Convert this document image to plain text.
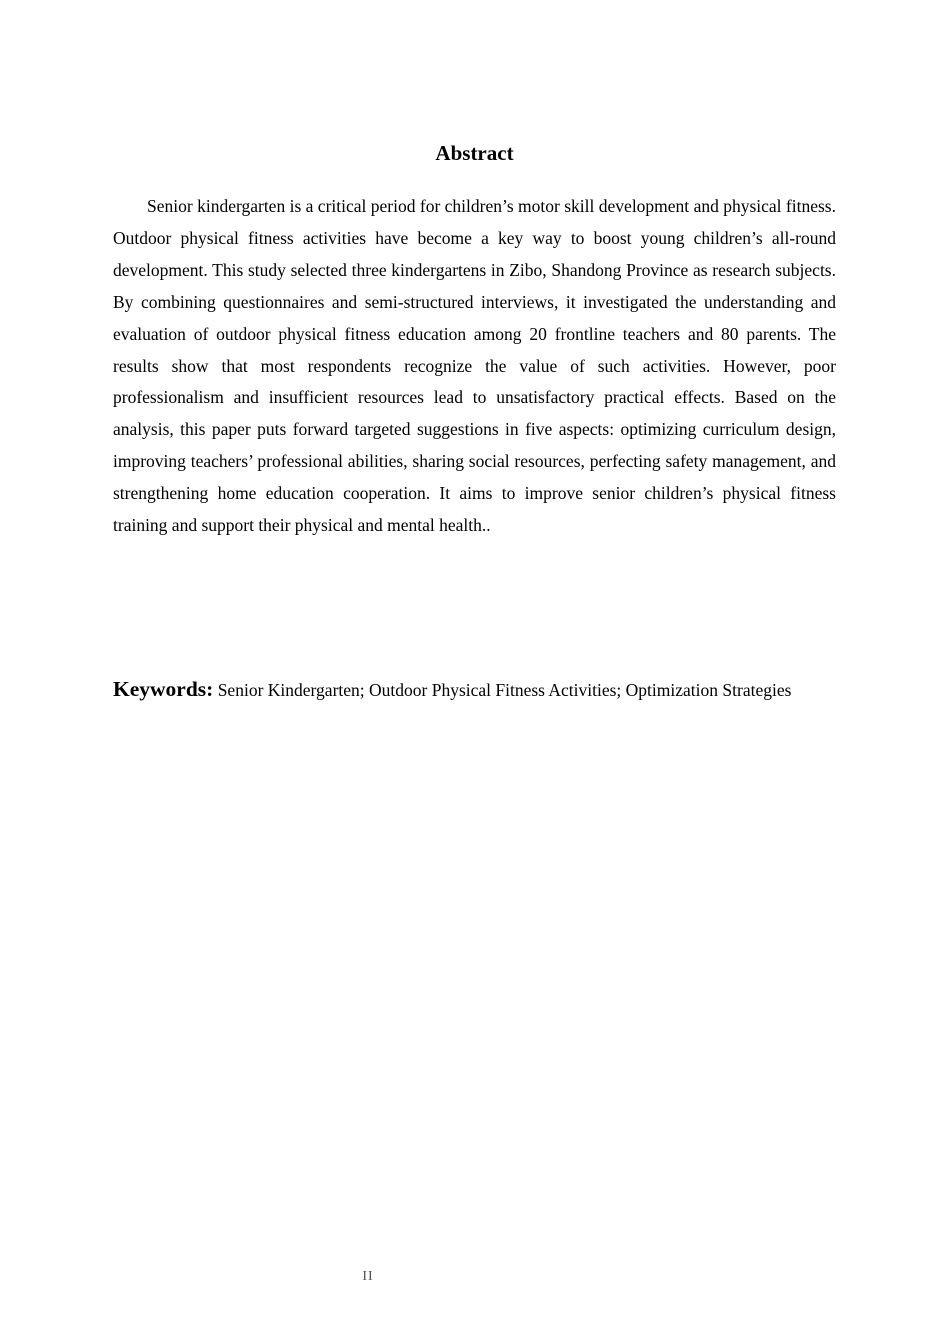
Abstract

Senior kindergarten is a critical period for children’s motor skill development and physical fitness. Outdoor physical fitness activities have become a key way to boost young children’s all-round development. This study selected three kindergartens in Zibo, Shandong Province as research subjects. By combining questionnaires and semi-structured interviews, it investigated the understanding and evaluation of outdoor physical fitness education among 20 frontline teachers and 80 parents. The results show that most respondents recognize the value of such activities. However, poor professionalism and insufficient resources lead to unsatisfactory practical effects. Based on the analysis, this paper puts forward targeted suggestions in five aspects: optimizing curriculum design, improving teachers’ professional abilities, sharing social resources, perfecting safety management, and strengthening home education cooperation. It aims to improve senior children’s physical fitness training and support their physical and mental health..

Keywords: Senior Kindergarten; Outdoor Physical Fitness Activities; Optimization Strategies

II
